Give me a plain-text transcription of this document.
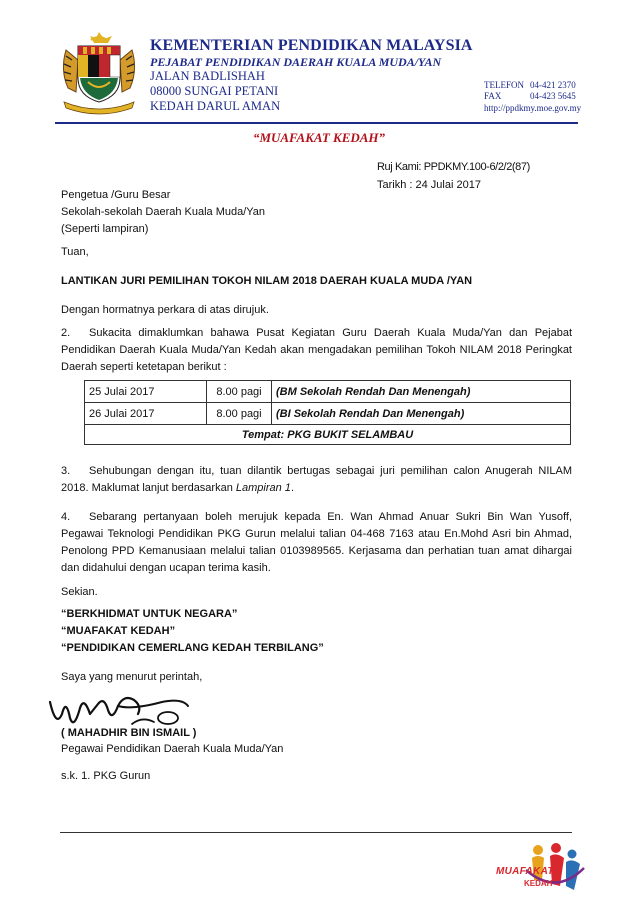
KEMENTERIAN PENDIDIKAN MALAYSIA
PEJABAT PENDIDIKAN DAERAH KUALA MUDA/YAN
JALAN BADLISHAH
08000 SUNGAI PETANI
KEDAH DARUL AMAN
TELEFON 04-421 2370
FAX	04-423 5645
http://ppdkmy.moe.gov.my
“MUAFAKAT KEDAH”
Ruj Kami: PPDKMY.100-6/2/2(87)
Tarikh : 24 Julai 2017
Pengetua /Guru Besar
Sekolah-sekolah Daerah Kuala Muda/Yan
(Seperti lampiran)
Tuan,
LANTIKAN JURI PEMILIHAN TOKOH NILAM 2018 DAERAH KUALA MUDA /YAN
Dengan hormatnya perkara di atas dirujuk.
2. Sukacita dimaklumkan bahawa Pusat Kegiatan Guru Daerah Kuala Muda/Yan dan Pejabat Pendidikan Daerah Kuala Muda/Yan Kedah akan mengadakan pemilihan Tokoh NILAM 2018 Peringkat Daerah seperti ketetapan berikut :
25 Julai 2017	8.00 pagi	(BM Sekolah Rendah Dan Menengah)
26 Julai 2017	8.00 pagi	(BI Sekolah Rendah Dan Menengah)
Tempat: PKG BUKIT SELAMBAU		
3. Sehubungan dengan itu, tuan dilantik bertugas sebagai juri pemilihan calon Anugerah NILAM 2018. Maklumat lanjut berdasarkan Lampiran 1.
4. Sebarang pertanyaan boleh merujuk kepada En. Wan Ahmad Anuar Sukri Bin Wan Yusoff, Pegawai Teknologi Pendidikan PKG Gurun melalui talian 04-468 7163 atau En.Mohd Asri bin Ahmad, Penolong PPD Kemanusiaan melalui talian 0103989565. Kerjasama dan perhatian tuan amat dihargai dan didahului dengan ucapan terima kasih.
Sekian.
“BERKHIDMAT UNTUK NEGARA”
“MUAFAKAT KEDAH”
“PENDIDIKAN CEMERLANG KEDAH TERBILANG”
Saya yang menurut perintah,
( MAHADHIR BIN ISMAIL )
Pegawai Pendidikan Daerah Kuala Muda/Yan
s.k. 1. PKG Gurun
MUAFAKAT
KEDAH
